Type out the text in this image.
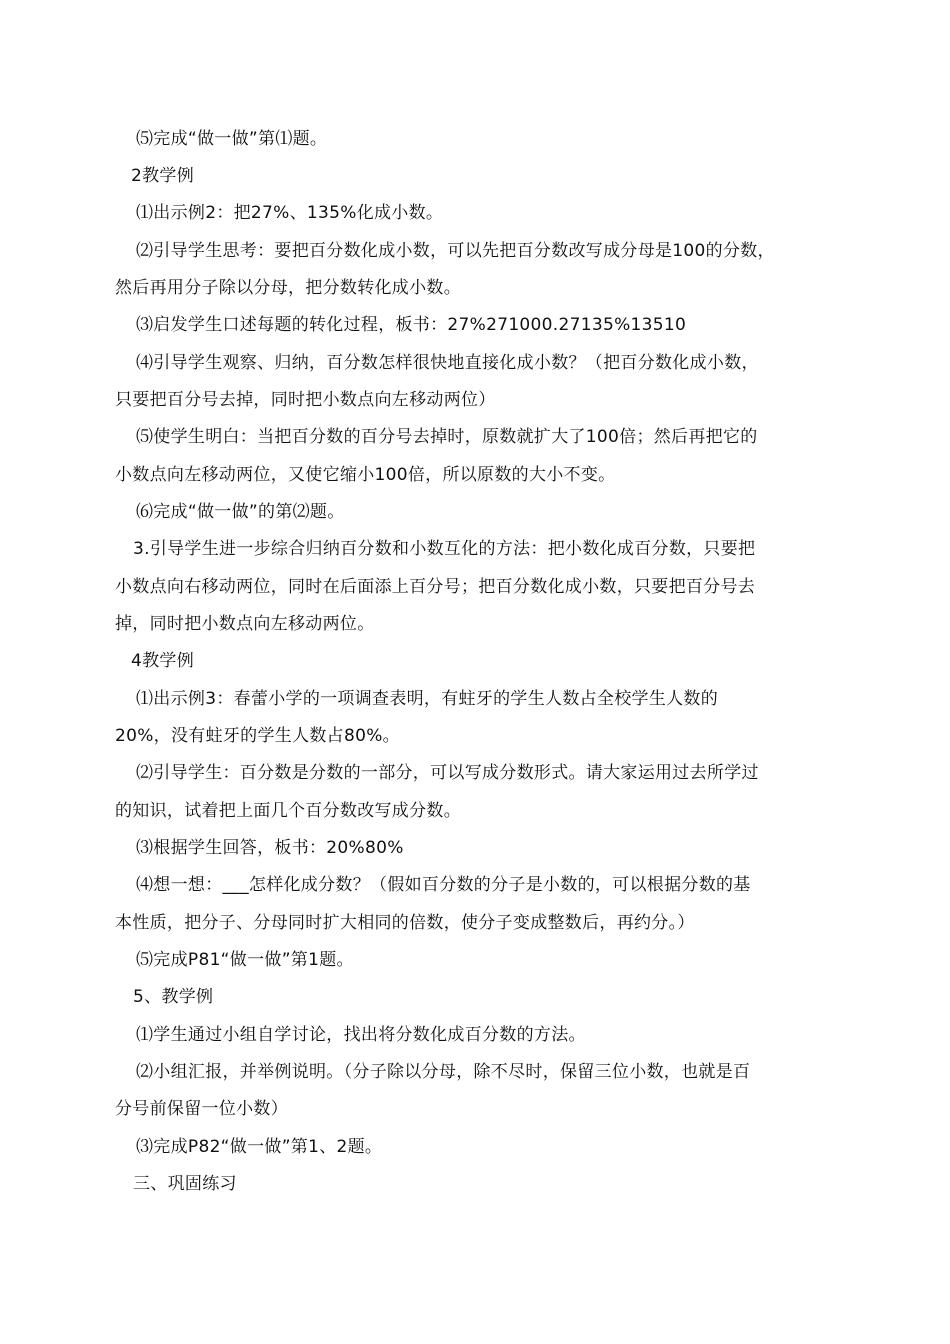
⑸完成“做一做”第⑴题。
2教学例
⑴出示例2：把27%、135%化成小数。
⑵引导学生思考：要把百分数化成小数，可以先把百分数改写成分母是100的分数，
然后再用分子除以分母，把分数转化成小数。
⑶启发学生口述每题的转化过程，板书：27%271000.27135%13510
⑷引导学生观察、归纳，百分数怎样很快地直接化成小数？（把百分数化成小数，
只要把百分号去掉，同时把小数点向左移动两位）
⑸使学生明白：当把百分数的百分号去掉时，原数就扩大了100倍；然后再把它的
小数点向左移动两位，又使它缩小100倍，所以原数的大小不变。
⑹完成“做一做”的第⑵题。
3.引导学生进一步综合归纳百分数和小数互化的方法：把小数化成百分数，只要把
小数点向右移动两位，同时在后面添上百分号；把百分数化成小数，只要把百分号去
掉，同时把小数点向左移动两位。
4教学例
⑴出示例3：春蕾小学的一项调查表明，有蛀牙的学生人数占全校学生人数的
20%，没有蛀牙的学生人数占80%。
⑵引导学生：百分数是分数的一部分，可以写成分数形式。请大家运用过去所学过
的知识，试着把上面几个百分数改写成分数。
⑶根据学生回答，板书：20%80%
⑷想一想：___怎样化成分数？（假如百分数的分子是小数的，可以根据分数的基
本性质，把分子、分母同时扩大相同的倍数，使分子变成整数后，再约分。）
⑸完成P81“做一做”第1题。
5、教学例
⑴学生通过小组自学讨论，找出将分数化成百分数的方法。
⑵小组汇报，并举例说明。（分子除以分母，除不尽时，保留三位小数，也就是百
分号前保留一位小数）
⑶完成P82“做一做”第1、2题。
三、巩固练习
